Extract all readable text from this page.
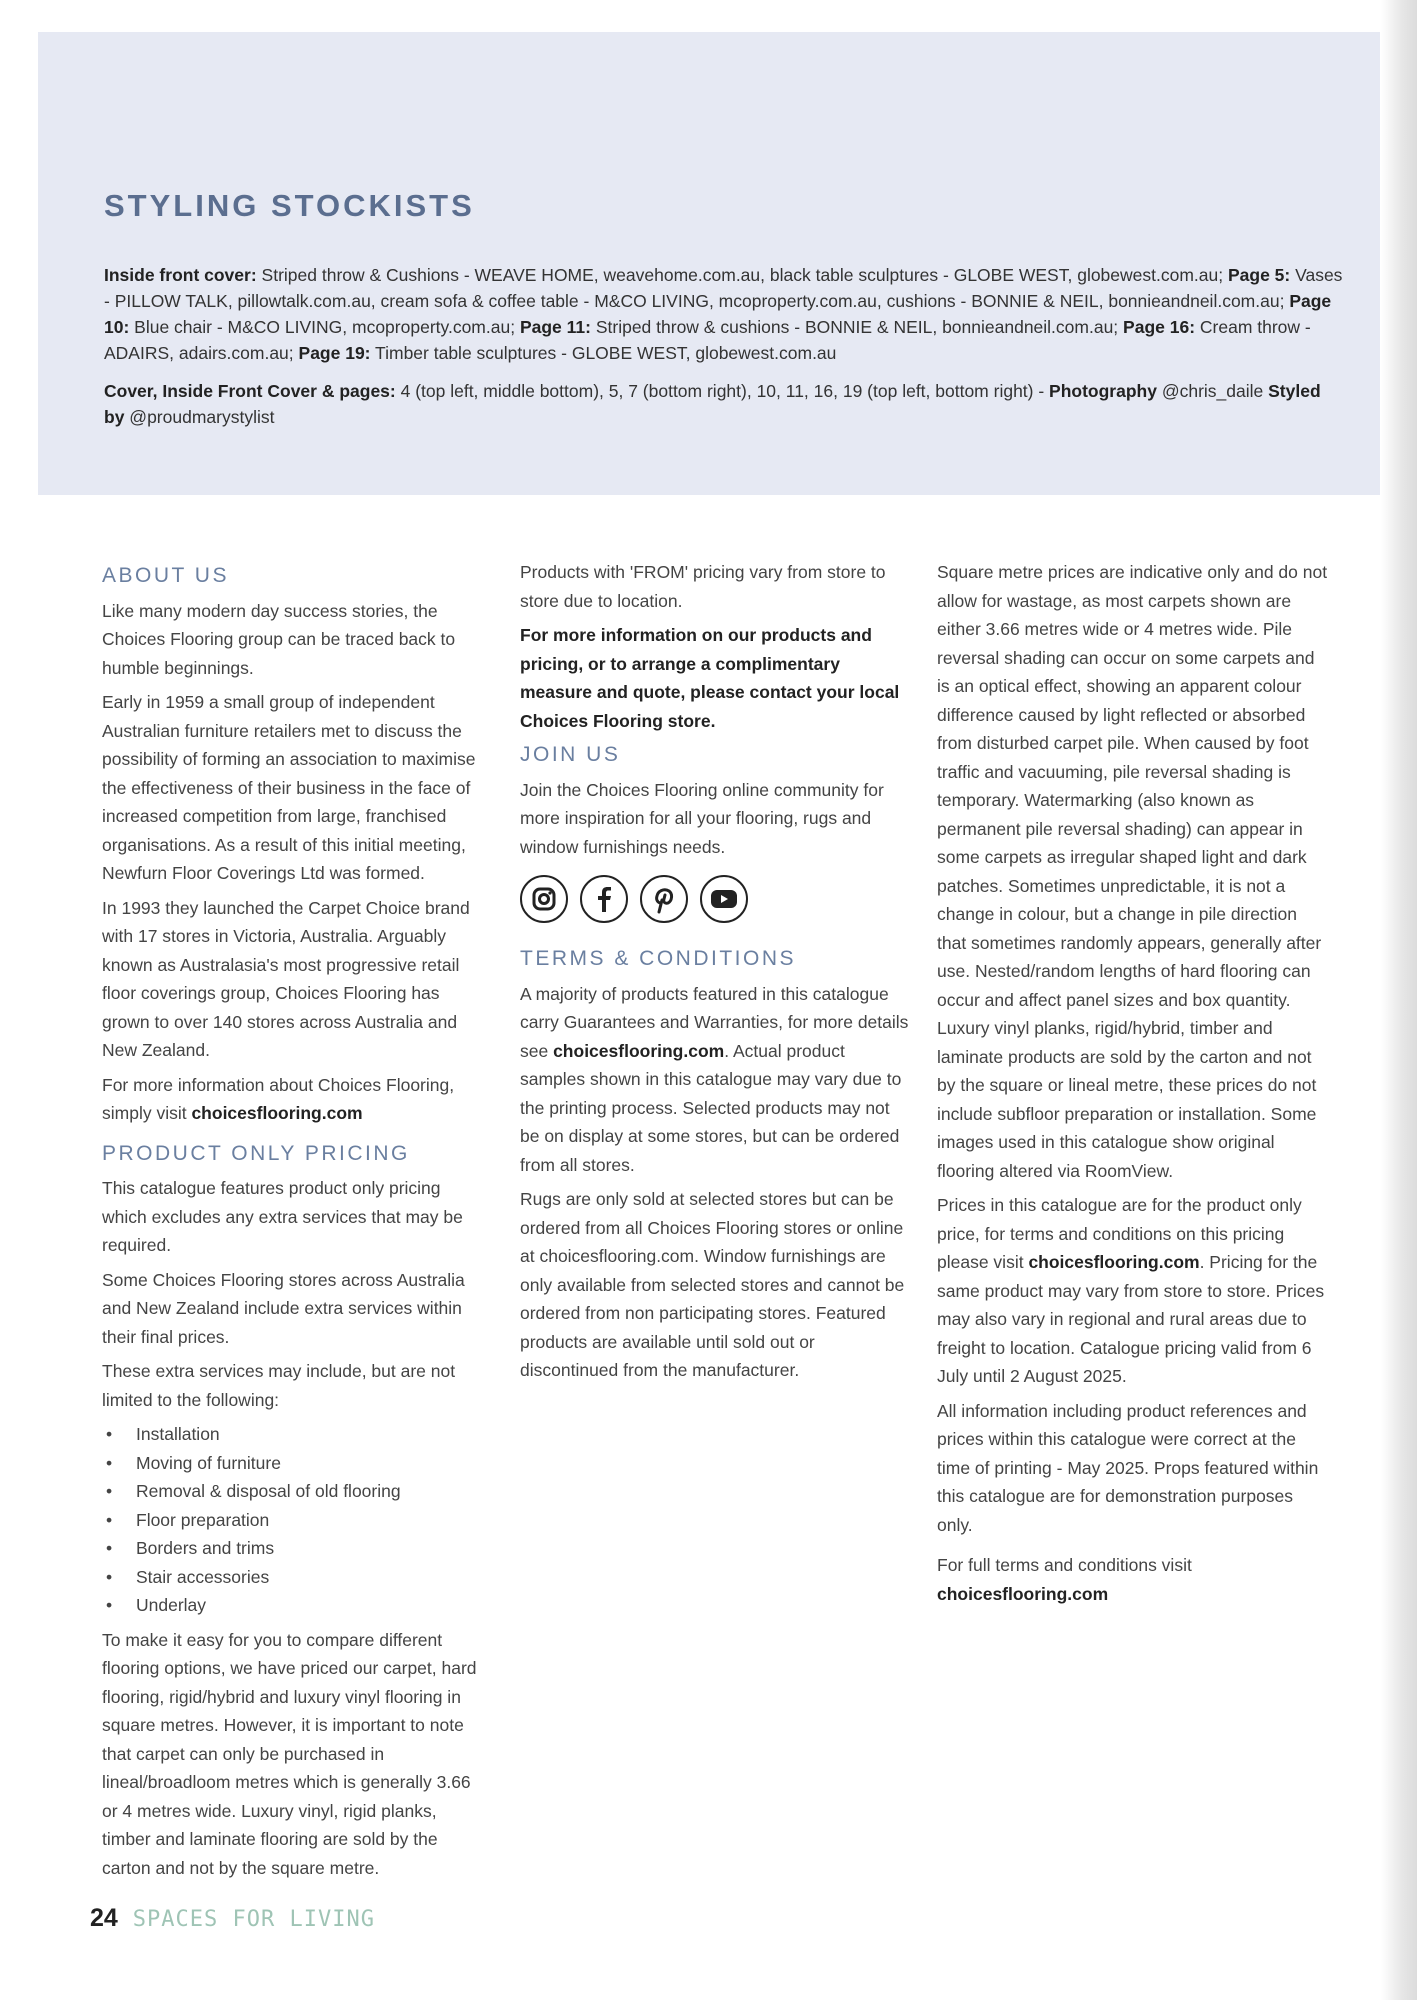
STYLING STOCKISTS

Inside front cover: Striped throw & Cushions - WEAVE HOME, weavehome.com.au, black table sculptures - GLOBE WEST, globewest.com.au; Page 5: Vases - PILLOW TALK, pillowtalk.com.au, cream sofa & coffee table - M&CO LIVING, mcoproperty.com.au, cushions - BONNIE & NEIL, bonnieandneil.com.au; Page 10: Blue chair - M&CO LIVING, mcoproperty.com.au; Page 11: Striped throw & cushions - BONNIE & NEIL, bonnieandneil.com.au; Page 16: Cream throw - ADAIRS, adairs.com.au; Page 19: Timber table sculptures - GLOBE WEST, globewest.com.au

Cover, Inside Front Cover & pages: 4 (top left, middle bottom), 5, 7 (bottom right), 10, 11, 16, 19 (top left, bottom right) - Photography @chris_daile Styled by @proudmarystylist

ABOUT US

Like many modern day success stories, the Choices Flooring group can be traced back to humble beginnings.

Early in 1959 a small group of independent Australian furniture retailers met to discuss the possibility of forming an association to maximise the effectiveness of their business in the face of increased competition from large, franchised organisations. As a result of this initial meeting, Newfurn Floor Coverings Ltd was formed.

In 1993 they launched the Carpet Choice brand with 17 stores in Victoria, Australia. Arguably known as Australasia's most progressive retail floor coverings group, Choices Flooring has grown to over 140 stores across Australia and New Zealand.

For more information about Choices Flooring, simply visit choicesflooring.com

PRODUCT ONLY PRICING

This catalogue features product only pricing which excludes any extra services that may be required.

Some Choices Flooring stores across Australia and New Zealand include extra services within their final prices.

These extra services may include, but are not limited to the following:

• Installation
• Moving of furniture
• Removal & disposal of old flooring
• Floor preparation
• Borders and trims
• Stair accessories
• Underlay

To make it easy for you to compare different flooring options, we have priced our carpet, hard flooring, rigid/hybrid and luxury vinyl flooring in square metres. However, it is important to note that carpet can only be purchased in lineal/broadloom metres which is generally 3.66 or 4 metres wide. Luxury vinyl, rigid planks, timber and laminate flooring are sold by the carton and not by the square metre.

Products with 'FROM' pricing vary from store to store due to location.

For more information on our products and pricing, or to arrange a complimentary measure and quote, please contact your local Choices Flooring store.

JOIN US

Join the Choices Flooring online community for more inspiration for all your flooring, rugs and window furnishings needs.

TERMS & CONDITIONS

A majority of products featured in this catalogue carry Guarantees and Warranties, for more details see choicesflooring.com. Actual product samples shown in this catalogue may vary due to the printing process. Selected products may not be on display at some stores, but can be ordered from all stores.

Rugs are only sold at selected stores but can be ordered from all Choices Flooring stores or online at choicesflooring.com. Window furnishings are only available from selected stores and cannot be ordered from non participating stores. Featured products are available until sold out or discontinued from the manufacturer.

Square metre prices are indicative only and do not allow for wastage, as most carpets shown are either 3.66 metres wide or 4 metres wide. Pile reversal shading can occur on some carpets and is an optical effect, showing an apparent colour difference caused by light reflected or absorbed from disturbed carpet pile. When caused by foot traffic and vacuuming, pile reversal shading is temporary. Watermarking (also known as permanent pile reversal shading) can appear in some carpets as irregular shaped light and dark patches. Sometimes unpredictable, it is not a change in colour, but a change in pile direction that sometimes randomly appears, generally after use. Nested/random lengths of hard flooring can occur and affect panel sizes and box quantity. Luxury vinyl planks, rigid/hybrid, timber and laminate products are sold by the carton and not by the square or lineal metre, these prices do not include subfloor preparation or installation. Some images used in this catalogue show original flooring altered via RoomView.

Prices in this catalogue are for the product only price, for terms and conditions on this pricing please visit choicesflooring.com. Pricing for the same product may vary from store to store. Prices may also vary in regional and rural areas due to freight to location. Catalogue pricing valid from 6 July until 2 August 2025.

All information including product references and prices within this catalogue were correct at the time of printing - May 2025. Props featured within this catalogue are for demonstration purposes only.

For full terms and conditions visit choicesflooring.com

24 SPACES FOR LIVING
